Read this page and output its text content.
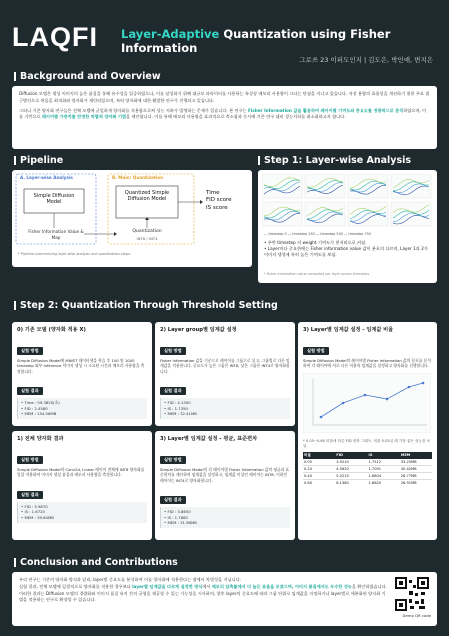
LAQFI Layer-Adaptive Quantization using Fisher Information
그로쓰 23 이퍼도인지 | 김도은, 박인애, 변지은
Background and Overview

Diffusion 모델은 생성 이미지의 높은 품질을 통해 유수성을 입증하였으나, 이를 달성하기 위해 대규모 파라미터를 사용하는 특성상 메모리 사용량이 크다는 단점을 지니고 있습니다. 저장 용량의 효율성을 개선하기 위한 주요 접근방안으로 처음을 최적화와 양자화가 제안되었으며, 특히 양자화에 대한 활발한 연구가 진행되고 있습니다.

그러나 기존 양자화 연구들은 전체 모델에 균일하게 양자화를 적용함으로써 성능 저하가 발생하는 문제가 있습니다. 본 연구는 Fisher Information 값을 활용하여 레이어별 기여도와 중요도를 정량적으로 분석하였으며, 이를 기반으로 레이어별 가중치를 반영한 차별적 양자화 기법을 제안합니다. 이를 통해 메모리 사용량을 효과적으로 축소함과 동시에 기존 연구 대비 성능저하를 최소화하고자 합니다.

Pipeline
A. Layer-wise Analysis	B. Main: Quantization
Simple Diffusion Model
Quantized Simple Diffusion Model
Fisher Information Value & Map
Quantization
INT8 / INT4
Time
FID score
IS score
* Pipeline summarizing layer-wise analysis and quantization steps.
Step 1: Layer-wise Analysis
— timestep 0 — timestep 250 — timestep 500 — timestep 750
• 주반 timestep 의 weight 기여도가 현저히으로 커짐.
• Layer마다 중요한에는 Fisher information value 값이 분포의 다르며, Layer 1과 2가 이미지 생성에 특히 높은 기여도를 보임.
* Fisher information value computed per layer across timesteps.
Step 2: Quantization Through Threshold Setting
0) 기존 모델 (양자화 적용 X)
실험 방법

Simple Diffusion Model에 MNIST 데이터셋을 학습 후 100 및 1000 timestep 외부 Inference 이미지 생성 시 소요된 시간과 메모리 사용량을 측정합니다.

실험 결과
• Time : 59.3820(초)
• FID : 2.4580
• MEM : 154.56MB
2) Layer group별 임계값 설정
실험 방법

Fisher Information 값을 기준으로 레이어를 그룹으로 묶고, 그룹별로 다른 임계값을 적용합니다. 중요도가 높은 그룹은 INT8, 낮은 그룹은 INT4로 양자화합니다.

실험 결과
• FID : 4.1300
• IS : 1.7350
• MEM : 32.41MB
3) Layer별 임계값 설정 - 임계값 비율
실험 방법

Simple Diffusion Model의 레이어별 Fisher Information 값의 분포를 분석하여 각 레이어에 서로 다른 비율의 임계값을 설정하고 양자화를 진행합니다.

* 0.05~0.60 비율에 따른 FID 변화 그래프, 비율 0.05일 때 가장 좋은 성능을 보임.

비율	FID	IS	MEM
0.05	3.9210	1.7512	33.25MB
0.20	4.5620	1.7091	30.42MB
0.40	5.0215	1.6804	28.77MB
0.60	6.1380	1.6620	26.91MB
1) 전체 양자화 결과
실험 방법

Simple Diffusion Model의 Conv2d, Linear 레이어 전체에 INT8 양자화를 일괄 적용하여 이미지 생성 품질과 메모리 사용량을 측정합니다.

실험 결과
• FID : 5.9870
• IS : 1.6720
• MEM : 39.64MB
3) Layer별 임계값 설정 - 평균, 표준편차
실험 방법

Simple Diffusion Model의 각 레이어별 Fisher Information 값의 평균과 표준편차를 계산하여 임계값을 설정하고, 임계값 이상인 레이어는 INT8, 이하인 레이어는 INT4로 양자화합니다.

실험 결과
• FID : 3.8650
• IS : 1.7680
• MEM : 31.98MB
Conclusion and Contributions

우리 연구는 기존의 양자화 방식과 달리, layer별 중요도를 분석하여 이를 양자화에 적용한다는 점에서 차별성을 지닙니다.

실험 결과, 전체 모델에 일괄적으로 양자화를 적용한 경우보다 layer별 임계값을 다르게 설정한 방식에서 메모리 압축률에서 더 높은 효율을 보였으며, 이미지 품질에서도 우수한 성능을 확인하였습니다. 이러한 결과는 Diffusion 모델의 경량화와 이미지 품질 유지 간의 균형을 제공할 수 있는 가능성을 시사하며, 향후 layer의 중요도에 따라 그룹 단위로 임계값을 지정하거나 layer별로 세분화된 양자화 기법을 적용하는 연구로 확장할 수 있습니다.

Demo QR code
